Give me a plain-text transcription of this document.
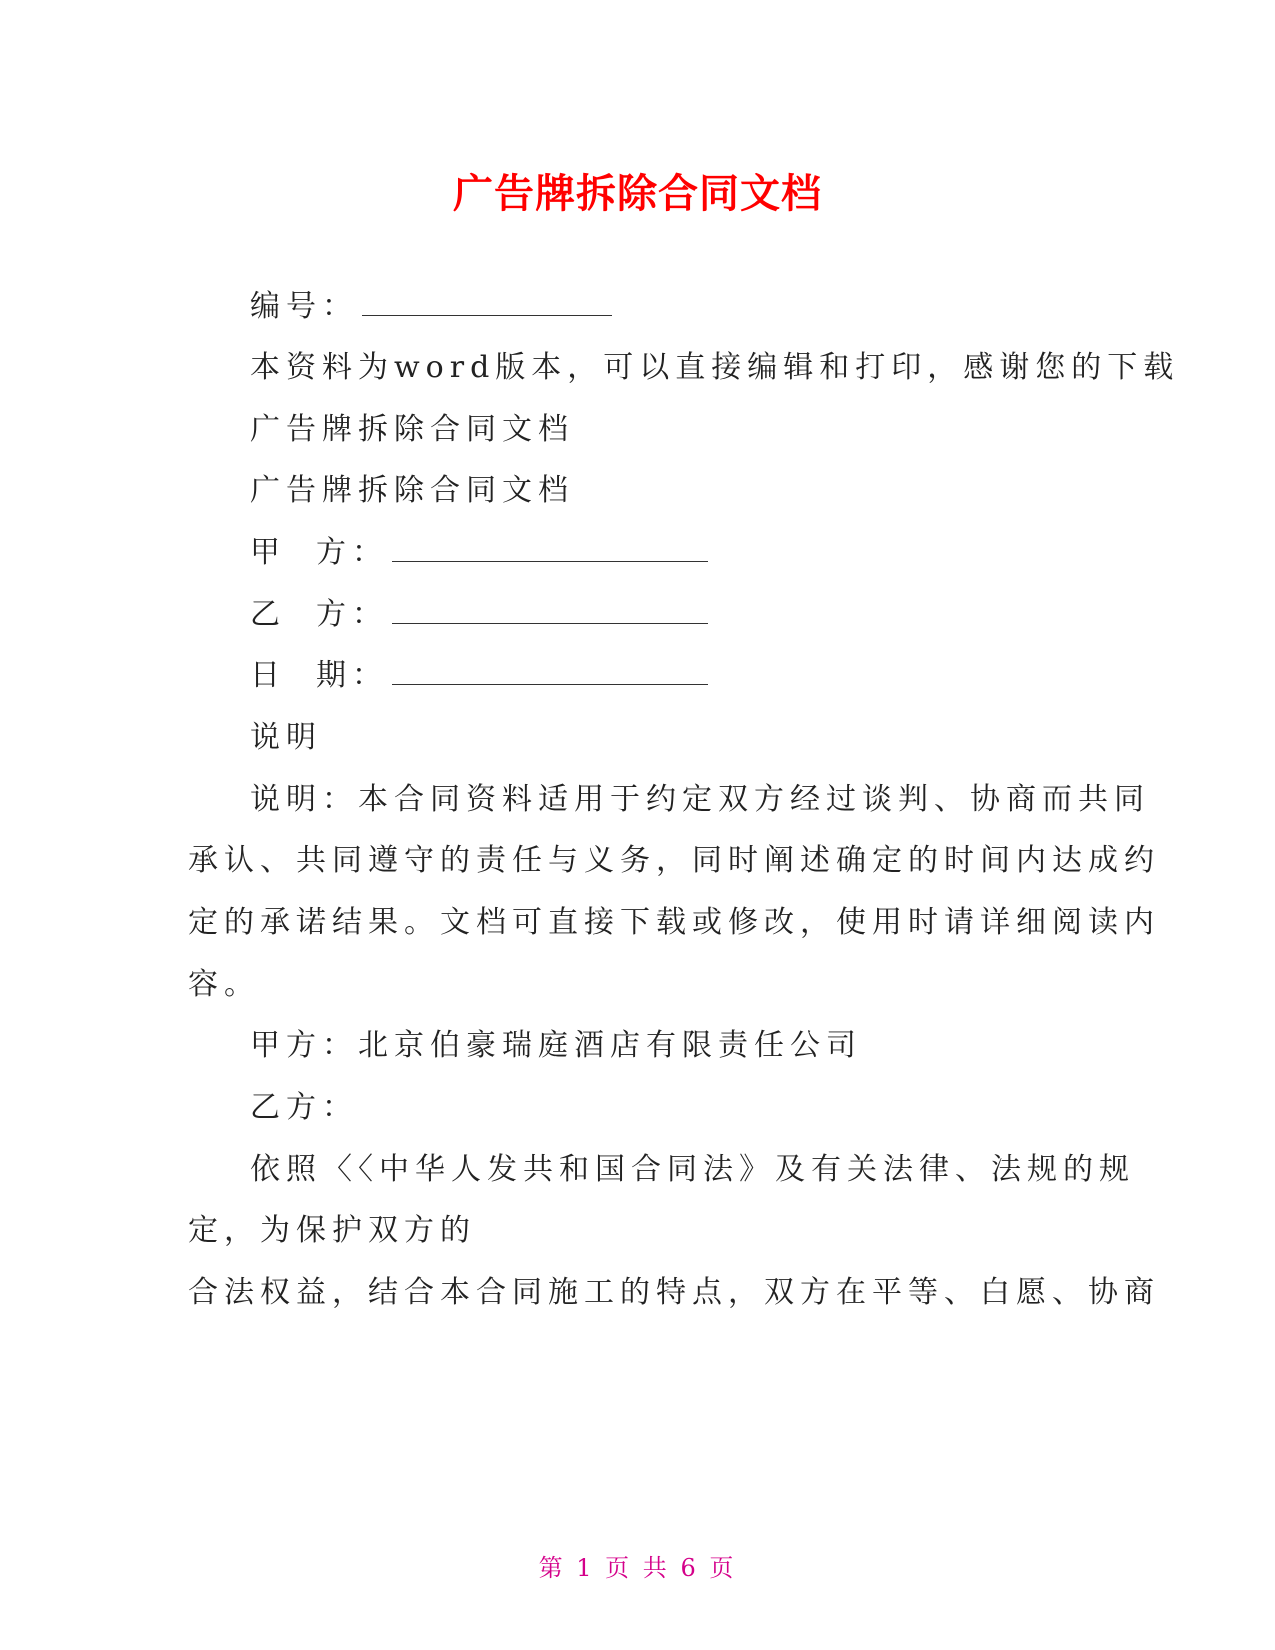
广告牌拆除合同文档
编号：
本资料为word版本，可以直接编辑和打印，感谢您的下载
广告牌拆除合同文档
广告牌拆除合同文档
甲 方：
乙 方：
日 期：
说明
说明：本合同资料适用于约定双方经过谈判、协商而共同
承认、共同遵守的责任与义务，同时阐述确定的时间内达成约
定的承诺结果。文档可直接下载或修改，使用时请详细阅读内
容。
甲方：北京伯豪瑞庭酒店有限责任公司
乙方：
依照〈〈中华人发共和国合同法》及有关法律、法规的规
定，为保护双方的
合法权益，结合本合同施工的特点，双方在平等、白愿、协商
第 1 页 共 6 页
